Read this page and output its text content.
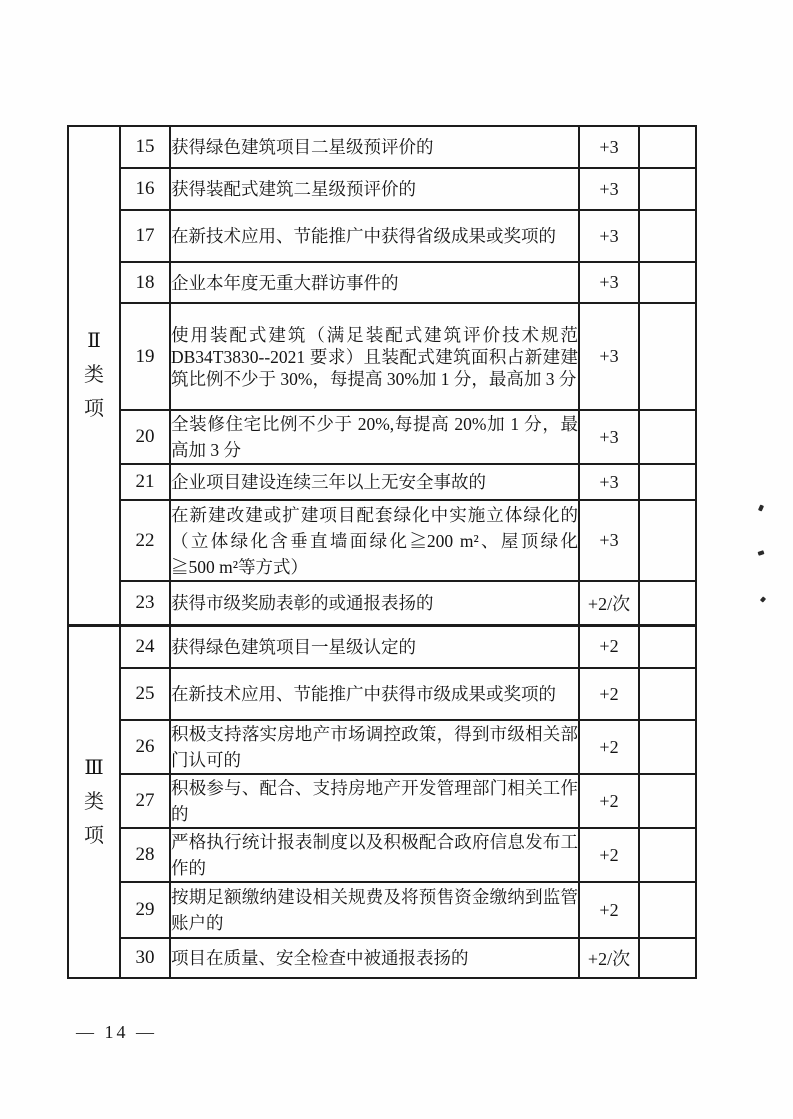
Ⅱ类项	15	获得绿色建筑项目二星级预评价的	+3	
	16	获得装配式建筑二星级预评价的	+3	
	17	在新技术应用、节能推广中获得省级成果或奖项的	+3	
	18	企业本年度无重大群访事件的	+3	
	19	使用装配式建筑（满足装配式建筑评价技术规范 DB34T3830--2021 要求）且装配式建筑面积占新建建筑比例不少于 30%，每提高 30%加 1 分，最高加 3 分	+3	
	20	全装修住宅比例不少于 20%,每提高 20%加 1 分，最高加 3 分	+3	
	21	企业项目建设连续三年以上无安全事故的	+3	
	22	在新建改建或扩建项目配套绿化中实施立体绿化的（立体绿化含垂直墙面绿化≧200 m²、屋顶绿化≧500 m²等方式）	+3	
	23	获得市级奖励表彰的或通报表扬的	+2/次	

Ⅲ类项	24	获得绿色建筑项目一星级认定的	+2	
	25	在新技术应用、节能推广中获得市级成果或奖项的	+2	
	26	积极支持落实房地产市场调控政策，得到市级相关部门认可的	+2	
	27	积极参与、配合、支持房地产开发管理部门相关工作的	+2	
	28	严格执行统计报表制度以及积极配合政府信息发布工作的	+2	
	29	按期足额缴纳建设相关规费及将预售资金缴纳到监管账户的	+2	
	30	项目在质量、安全检查中被通报表扬的	+2/次	
— 14 —
